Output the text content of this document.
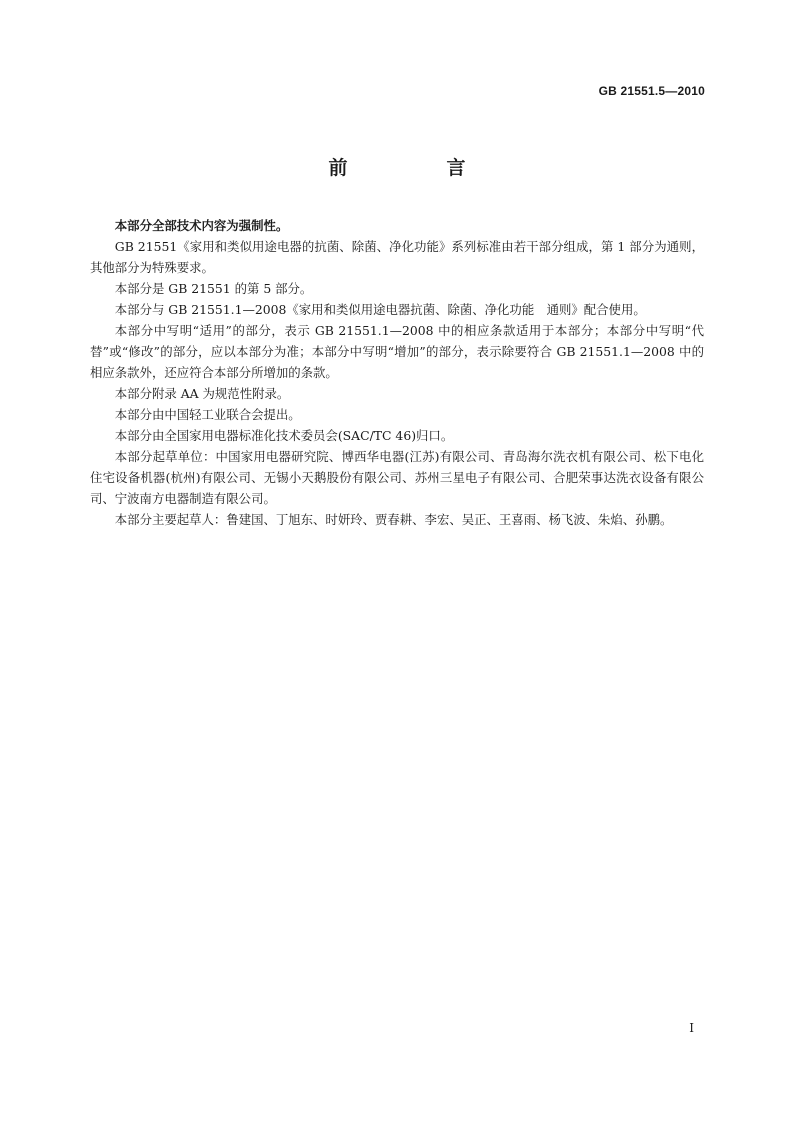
GB 21551.5—2010
前　言

本部分全部技术内容为强制性。

GB 21551《家用和类似用途电器的抗菌、除菌、净化功能》系列标准由若干部分组成，第 1 部分为通则，其他部分为特殊要求。

本部分是 GB 21551 的第 5 部分。

本部分与 GB 21551.1—2008《家用和类似用途电器抗菌、除菌、净化功能　通则》配合使用。

本部分中写明“适用”的部分，表示 GB 21551.1—2008 中的相应条款适用于本部分；本部分中写明“代替”或“修改”的部分，应以本部分为准；本部分中写明“增加”的部分，表示除要符合 GB 21551.1—2008 中的相应条款外，还应符合本部分所增加的条款。

本部分附录 AA 为规范性附录。

本部分由中国轻工业联合会提出。

本部分由全国家用电器标准化技术委员会(SAC/TC 46)归口。

本部分起草单位：中国家用电器研究院、博西华电器(江苏)有限公司、青岛海尔洗衣机有限公司、松下电化住宅设备机器(杭州)有限公司、无锡小天鹅股份有限公司、苏州三星电子有限公司、合肥荣事达洗衣设备有限公司、宁波南方电器制造有限公司。

本部分主要起草人：鲁建国、丁旭东、时妍玲、贾春耕、李宏、吴正、王喜雨、杨飞波、朱焰、孙鹏。

I
